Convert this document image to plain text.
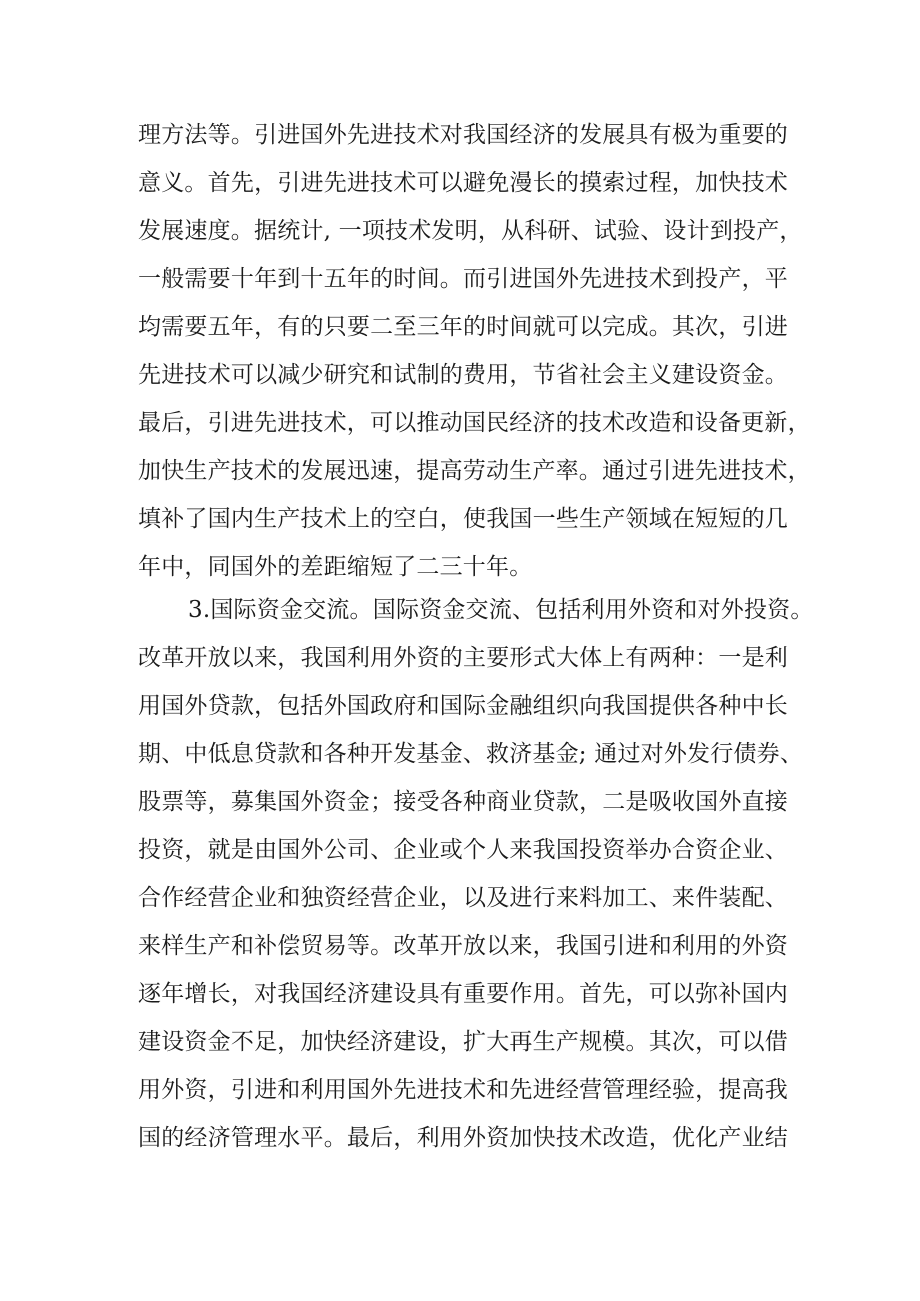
理方法等。引进国外先进技术对我国经济的发展具有极为重要的
意义。首先，引进先进技术可以避免漫长的摸索过程，加快技术
发展速度。据统计, 一项技术发明，从科研、试验、设计到投产，
一般需要十年到十五年的时间。而引进国外先进技术到投产，平
均需要五年，有的只要二至三年的时间就可以完成。其次，引进
先进技术可以减少研究和试制的费用，节省社会主义建设资金。
最后，引进先进技术，可以推动国民经济的技术改造和设备更新，
加快生产技术的发展迅速，提高劳动生产率。通过引进先进技术，
填补了国内生产技术上的空白，使我国一些生产领域在短短的几
年中，同国外的差距缩短了二三十年。
3.国际资金交流。国际资金交流、包括利用外资和对外投资。
改革开放以来，我国利用外资的主要形式大体上有两种：一是利
用国外贷款，包括外国政府和国际金融组织向我国提供各种中长
期、中低息贷款和各种开发基金、救济基金; 通过对外发行债券、
股票等，募集国外资金；接受各种商业贷款，二是吸收国外直接
投资，就是由国外公司、企业或个人来我国投资举办合资企业、
合作经营企业和独资经营企业，以及进行来料加工、来件装配、
来样生产和补偿贸易等。改革开放以来，我国引进和利用的外资
逐年增长，对我国经济建设具有重要作用。首先，可以弥补国内
建设资金不足，加快经济建设，扩大再生产规模。其次，可以借
用外资，引进和利用国外先进技术和先进经营管理经验，提高我
国的经济管理水平。最后，利用外资加快技术改造，优化产业结
